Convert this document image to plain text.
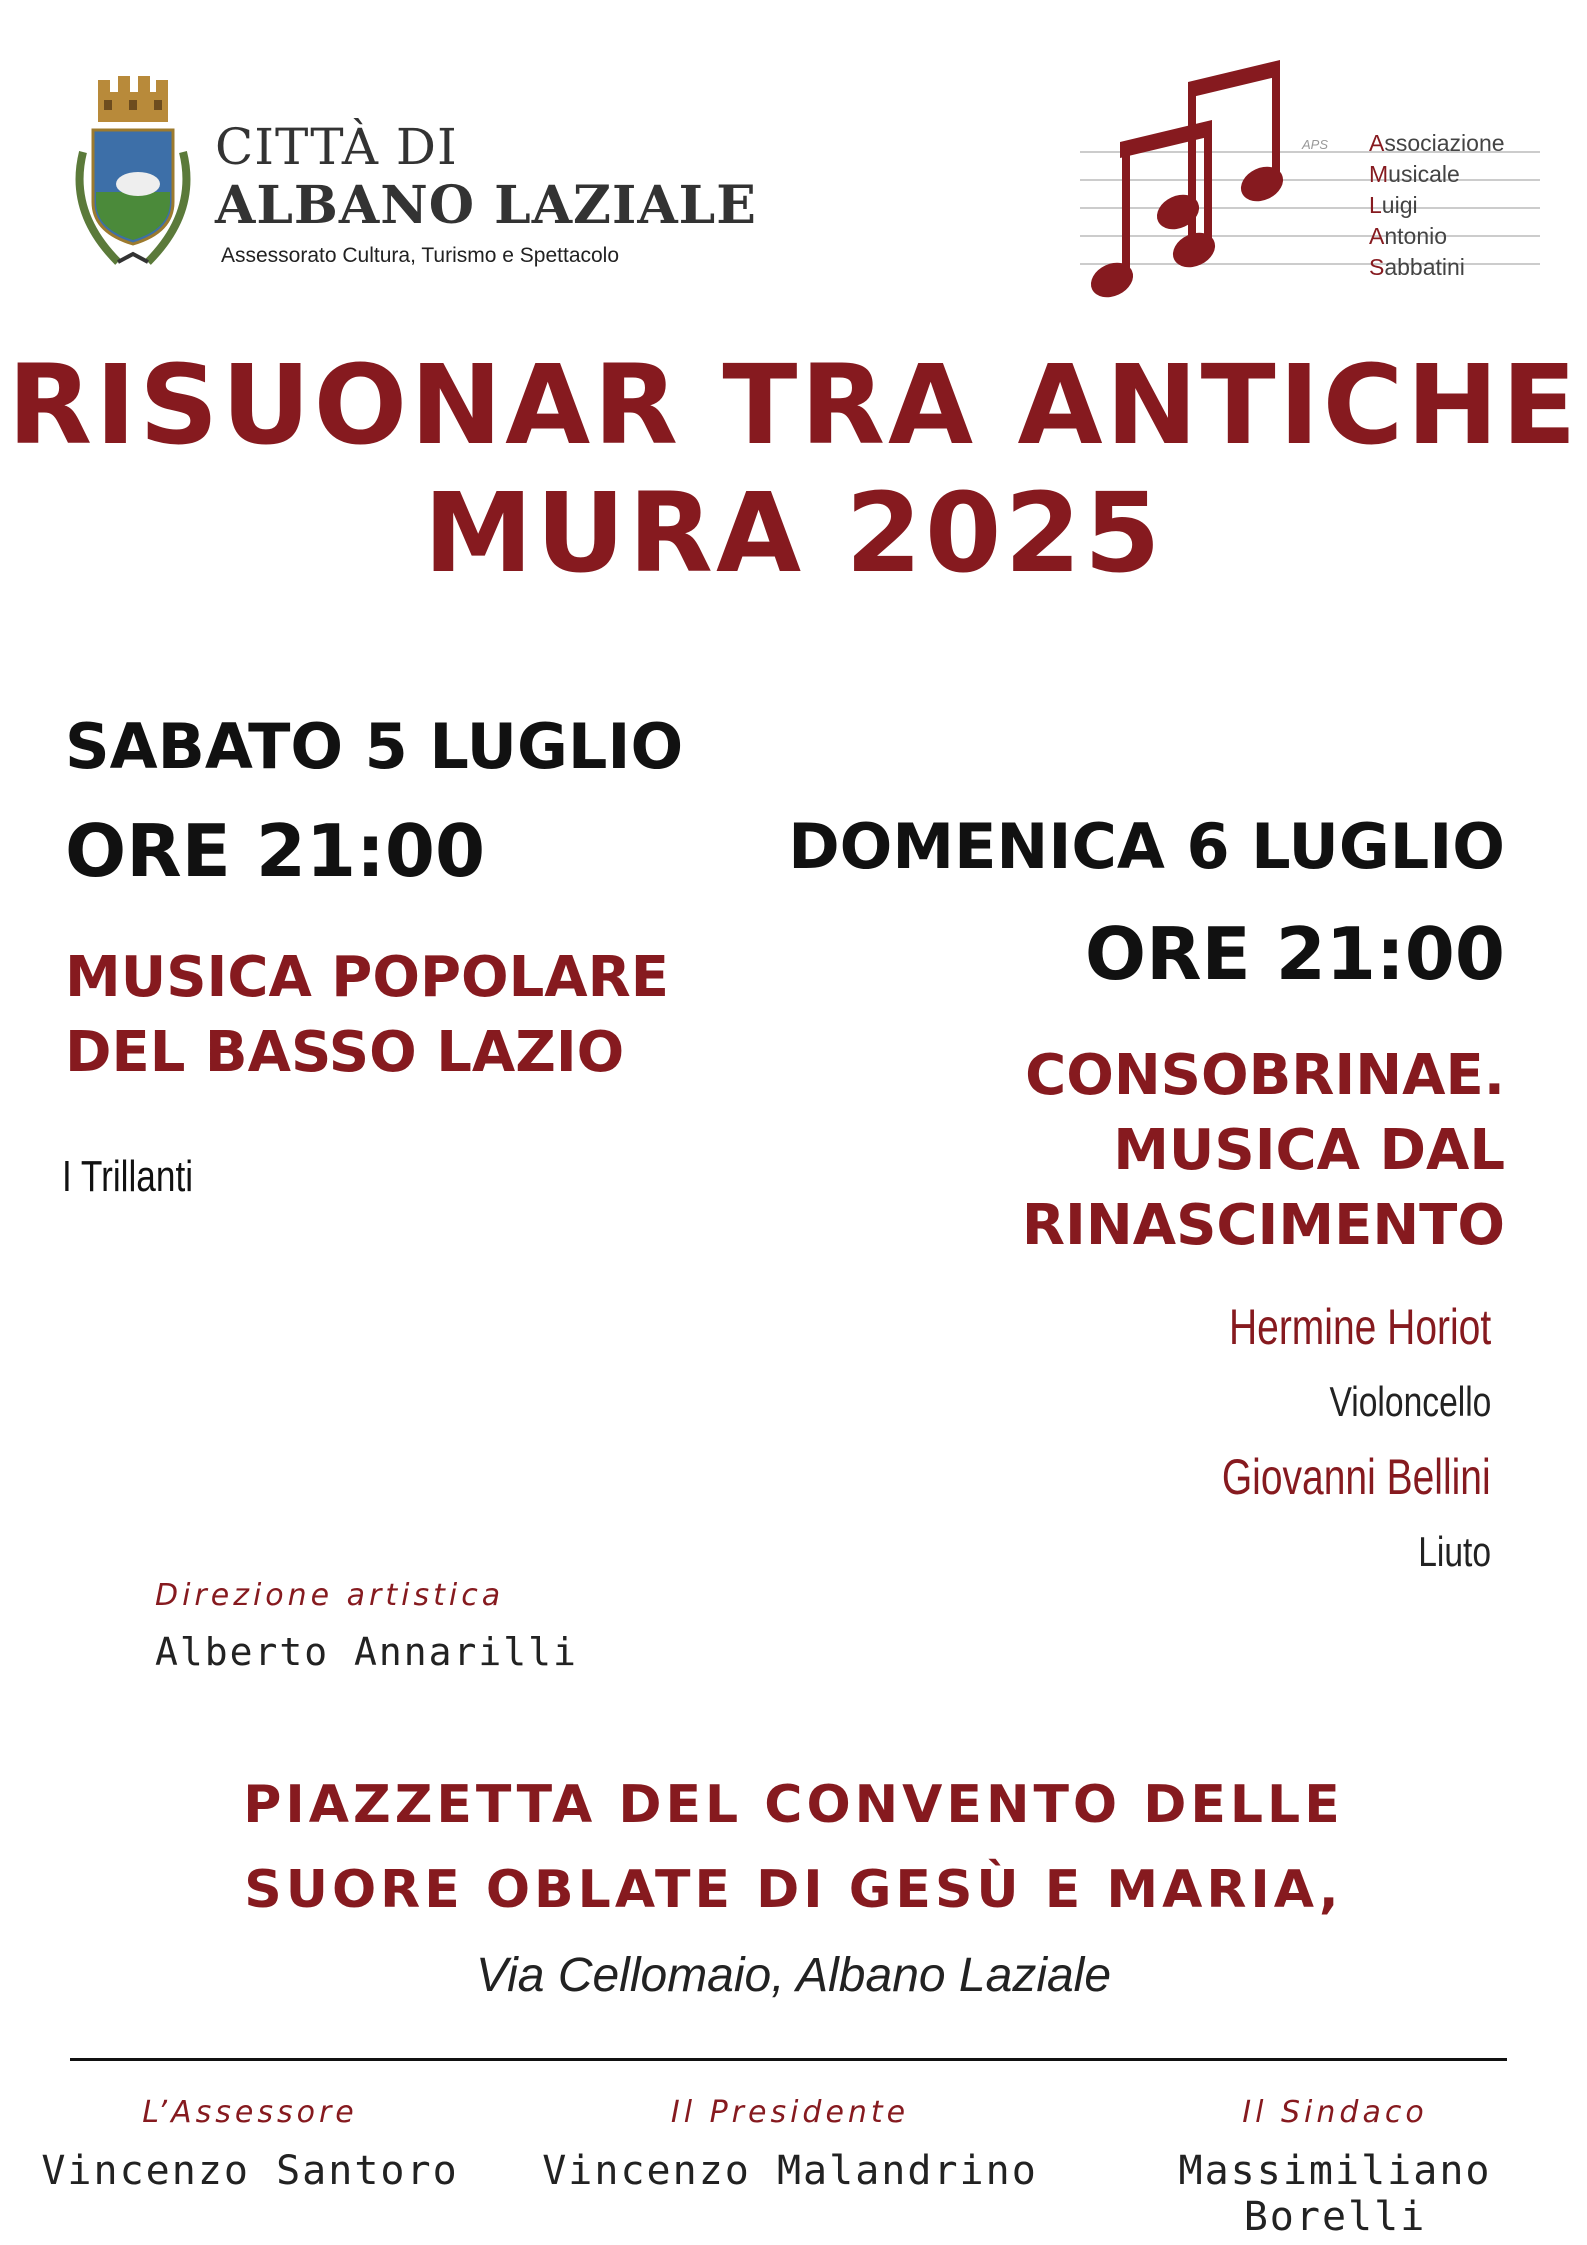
CITTÀ DI
ALBANO LAZIALE
Assessorato Cultura, Turismo e Spettacolo
APS Associazione
Musicale
Luigi
Antonio
Sabbatini
RISUONAR TRA ANTICHE
MURA 2025
SABATO 5 LUGLIO
ORE 21:00
MUSICA POPOLARE
DEL BASSO LAZIO
I Trillanti
DOMENICA 6 LUGLIO
ORE 21:00
CONSOBRINAE.
MUSICA DAL
RINASCIMENTO
Hermine Horiot
Violoncello
Giovanni Bellini
Liuto
Direzione artistica
Alberto Annarilli
PIAZZETTA DEL CONVENTO DELLE
SUORE OBLATE DI GESÙ E MARIA,
Via Cellomaio, Albano Laziale
L’Assessore
Vincenzo Santoro
Il Presidente
Vincenzo Malandrino
Il Sindaco
Massimiliano Borelli
